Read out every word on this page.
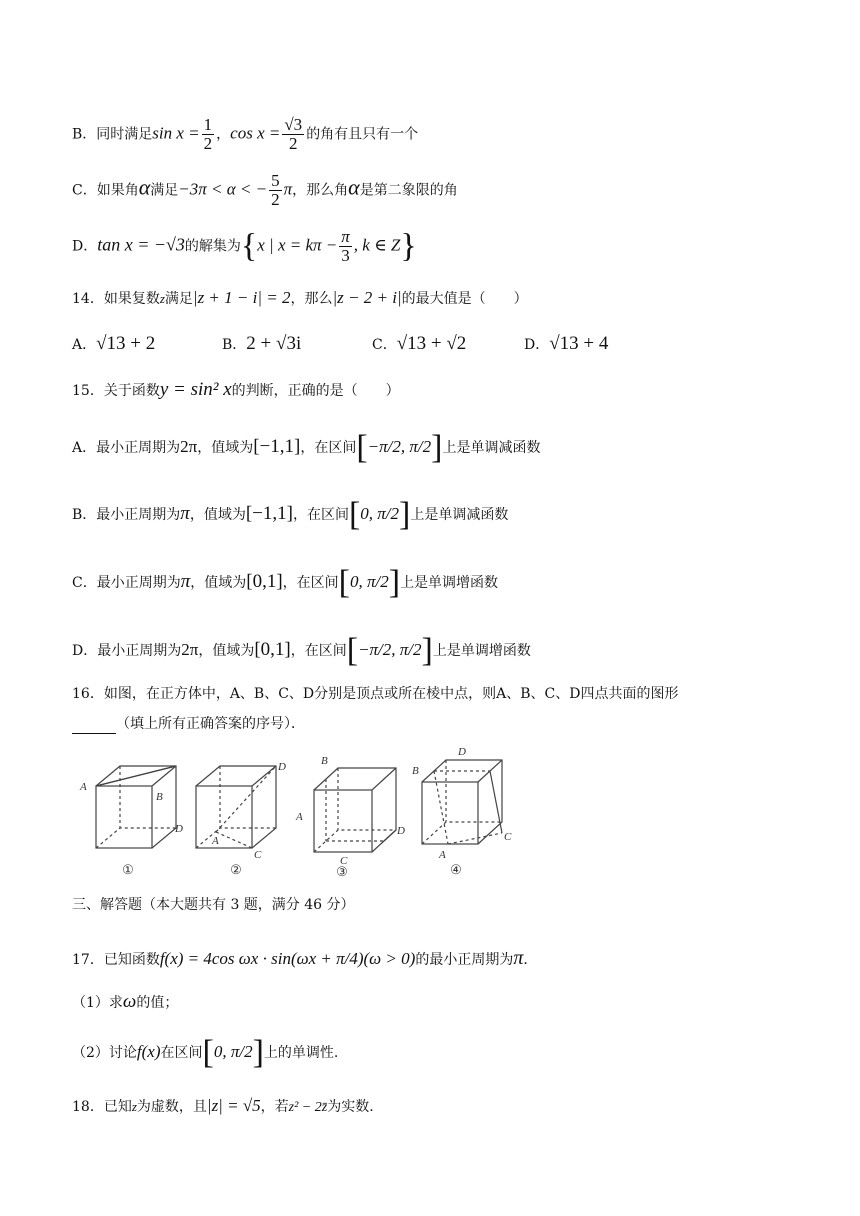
B．同时满足$\sin x = \frac{1}{2}$ ，$\cos x = \frac{√3}{2}$ 的角有且只有一个
C．如果角α满足−3π < α < − $\frac{5}{2}$ π，那么角α是第二象限的角
D．tan x = −√3的解集为{x | $x = k\pi - \frac{\pi}{3}$ , k ∈ Z}
14．如果复数z满足|z + 1 − i| = 2，那么|z − 2 + i|的最大值是（　　）
A．√13 + 2	B．2 + √3i	C．√13 + √2	D．√13 + 4
15．关于函数y = sin² x的判断，正确的是（　　）
A．最小正周期为2π，值域为[−1,1]，在区间[−π/2, π/2]上是单调减函数
B．最小正周期为π，值域为[−1,1]，在区间[0, π/2]上是单调减函数
C．最小正周期为π，值域为[0,1]，在区间[0, π/2]上是单调增函数
D．最小正周期为2π，值域为[0,1]，在区间[−π/2, π/2]上是单调增函数
16．如图，在正方体中，A、B、C、D分别是顶点或所在棱中点，则A、B、C、D四点共面的图形
（填上所有正确答案的序号）．
A
B
D
D
A
C
B
A
D
C
B
D
A
C
①	②	③	④
三、解答题（本大题共有 3 题，满分 46 分）
17．已知函数f(x) = 4cos ωx · sin(ωx + π/4)(ω > 0)的最小正周期为π．
（1）求ω的值；
（2）讨论f(x)在区间[0, π/2]上的单调性.
18．已知z为虚数，且|z| = √5，若z² − 2z̄为实数.
